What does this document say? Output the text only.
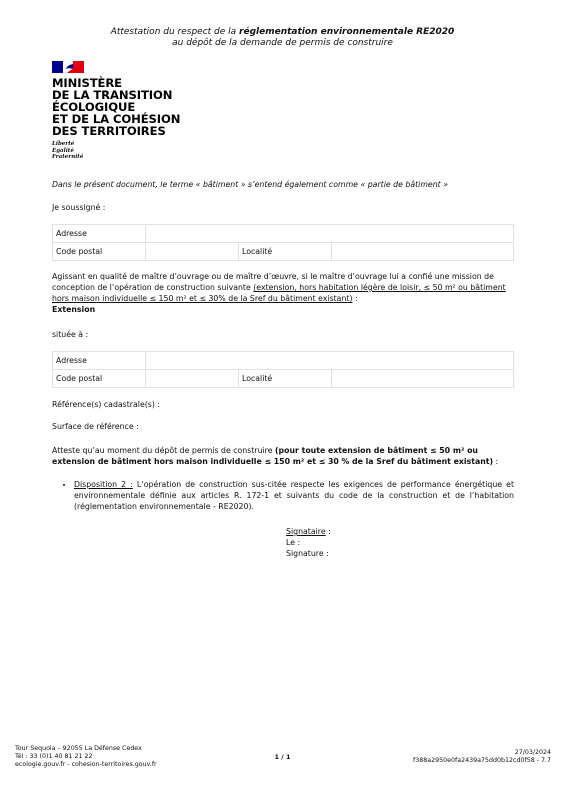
Attestation du respect de la réglementation environnementale RE2020
au dépôt de la demande de permis de construire
MINISTÈRE
DE LA TRANSITION
ÉCOLOGIQUE
ET DE LA COHÉSION
DES TERRITOIRES
Liberté
Égalité
Fraternité
Dans le présent document, le terme « bâtiment » s’entend également comme « partie de bâtiment »
Je soussigné :
Adresse			
Code postal		Localité	
Agissant en qualité de maître d’ouvrage ou de maître d’œuvre, si le maître d’ouvrage lui a confié une mission de conception de l’opération de construction suivante (extension, hors habitation légère de loisir, ≤ 50 m² ou bâtiment hors maison individuelle ≤ 150 m² et ≤ 30% de la Sref du bâtiment existant) :
Extension
située à :
Adresse			
Code postal		Localité	
Référence(s) cadastrale(s) :
Surface de référence :
Atteste qu’au moment du dépôt de permis de construire (pour toute extension de bâtiment ≤ 50 m² ou extension de bâtiment hors maison individuelle ≤ 150 m² et ≤ 30 % de la Sref du bâtiment existant) :
• Disposition 2 : L’opération de construction sus-citée respecte les exigences de performance énergétique et environnementale définie aux articles R. 172-1 et suivants du code de la construction et de l’habitation (réglementation environnementale - RE2020).
Signataire :
Le :
Signature :
Tour Sequoia – 92055 La Défense Cedex
Tél : 33 (0)1 40 81 21 22
ecologie.gouv.fr - cohesion-territoires.gouv.fr
1 / 1
27/03/2024
f388a2950e0fa2439a75dd0b12cd0f58 - 7.7
